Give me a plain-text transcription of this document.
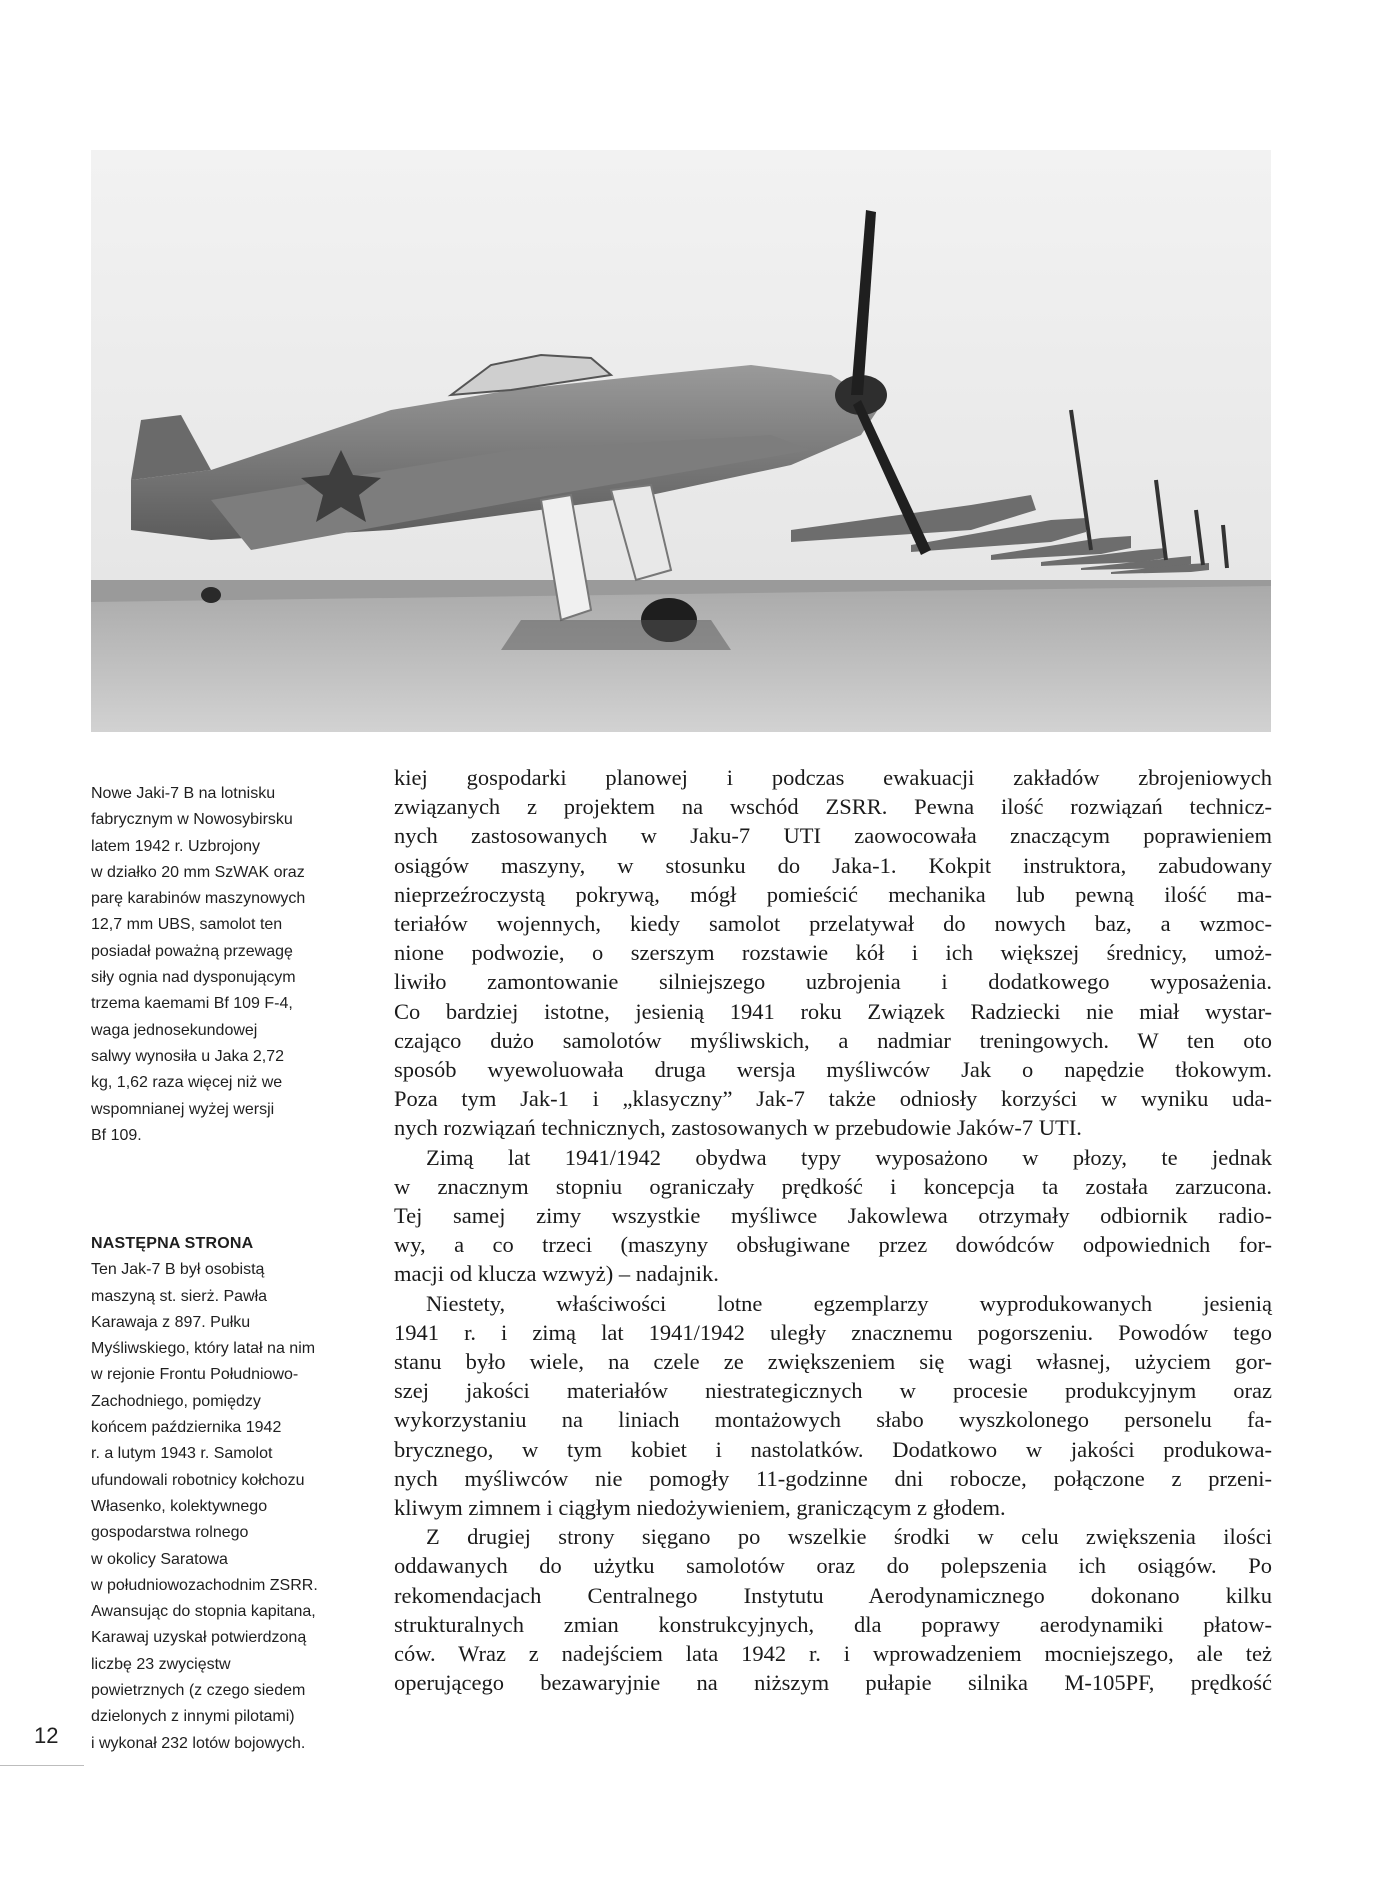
Nowe Jaki-7 B na lotnisku
fabrycznym w Nowosybirsku
latem 1942 r. Uzbrojony
w działko 20 mm SzWAK oraz
parę karabinów maszynowych
12,7 mm UBS, samolot ten
posiadał poważną przewagę
siły ognia nad dysponującym
trzema kaemami Bf 109 F-4,
waga jednosekundowej
salwy wynosiła u Jaka 2,72
kg, 1,62 raza więcej niż we
wspomnianej wyżej wersji
Bf 109.
NASTĘPNA STRONA
Ten Jak-7 B był osobistą
maszyną st. sierż. Pawła
Karawaja z 897. Pułku
Myśliwskiego, który latał na nim
w rejonie Frontu Południowo-
Zachodniego, pomiędzy
końcem października 1942
r. a lutym 1943 r. Samolot
ufundowali robotnicy kołchozu
Własenko, kolektywnego
gospodarstwa rolnego
w okolicy Saratowa
w południowozachodnim ZSRR.
Awansując do stopnia kapitana,
Karawaj uzyskał potwierdzoną
liczbę 23 zwycięstw
powietrznych (z czego siedem
dzielonych z innymi pilotami)
i wykonał 232 lotów bojowych.
kiej gospodarki planowej i podczas ewakuacji zakładów zbrojeniowych
związanych z projektem na wschód ZSRR. Pewna ilość rozwiązań technicz-
nych zastosowanych w Jaku-7 UTI zaowocowała znaczącym poprawieniem
osiągów maszyny, w stosunku do Jaka-1. Kokpit instruktora, zabudowany
nieprzeźroczystą pokrywą, mógł pomieścić mechanika lub pewną ilość ma-
teriałów wojennych, kiedy samolot przelatywał do nowych baz, a wzmoc-
nione podwozie, o szerszym rozstawie kół i ich większej średnicy, umoż-
liwiło zamontowanie silniejszego uzbrojenia i dodatkowego wyposażenia.
Co bardziej istotne, jesienią 1941 roku Związek Radziecki nie miał wystar-
czająco dużo samolotów myśliwskich, a nadmiar treningowych. W ten oto
sposób wyewoluowała druga wersja myśliwców Jak o napędzie tłokowym.
Poza tym Jak-1 i „klasyczny” Jak-7 także odniosły korzyści w wyniku uda-
nych rozwiązań technicznych, zastosowanych w przebudowie Jaków-7 UTI.
Zimą lat 1941/1942 obydwa typy wyposażono w płozy, te jednak
w znacznym stopniu ograniczały prędkość i koncepcja ta została zarzucona.
Tej samej zimy wszystkie myśliwce Jakowlewa otrzymały odbiornik radio-
wy, a co trzeci (maszyny obsługiwane przez dowódców odpowiednich for-
macji od klucza wzwyż) – nadajnik.
Niestety, właściwości lotne egzemplarzy wyprodukowanych jesienią
1941 r. i zimą lat 1941/1942 uległy znacznemu pogorszeniu. Powodów tego
stanu było wiele, na czele ze zwiększeniem się wagi własnej, użyciem gor-
szej jakości materiałów niestrategicznych w procesie produkcyjnym oraz
wykorzystaniu na liniach montażowych słabo wyszkolonego personelu fa-
brycznego, w tym kobiet i nastolatków. Dodatkowo w jakości produkowa-
nych myśliwców nie pomogły 11-godzinne dni robocze, połączone z przeni-
kliwym zimnem i ciągłym niedożywieniem, graniczącym z głodem.
Z drugiej strony sięgano po wszelkie środki w celu zwiększenia ilości
oddawanych do użytku samolotów oraz do polepszenia ich osiągów. Po
rekomendacjach Centralnego Instytutu Aerodynamicznego dokonano kilku
strukturalnych zmian konstrukcyjnych, dla poprawy aerodynamiki płatow-
ców. Wraz z nadejściem lata 1942 r. i wprowadzeniem mocniejszego, ale też
operującego bezawaryjnie na niższym pułapie silnika M-105PF, prędkość
12
